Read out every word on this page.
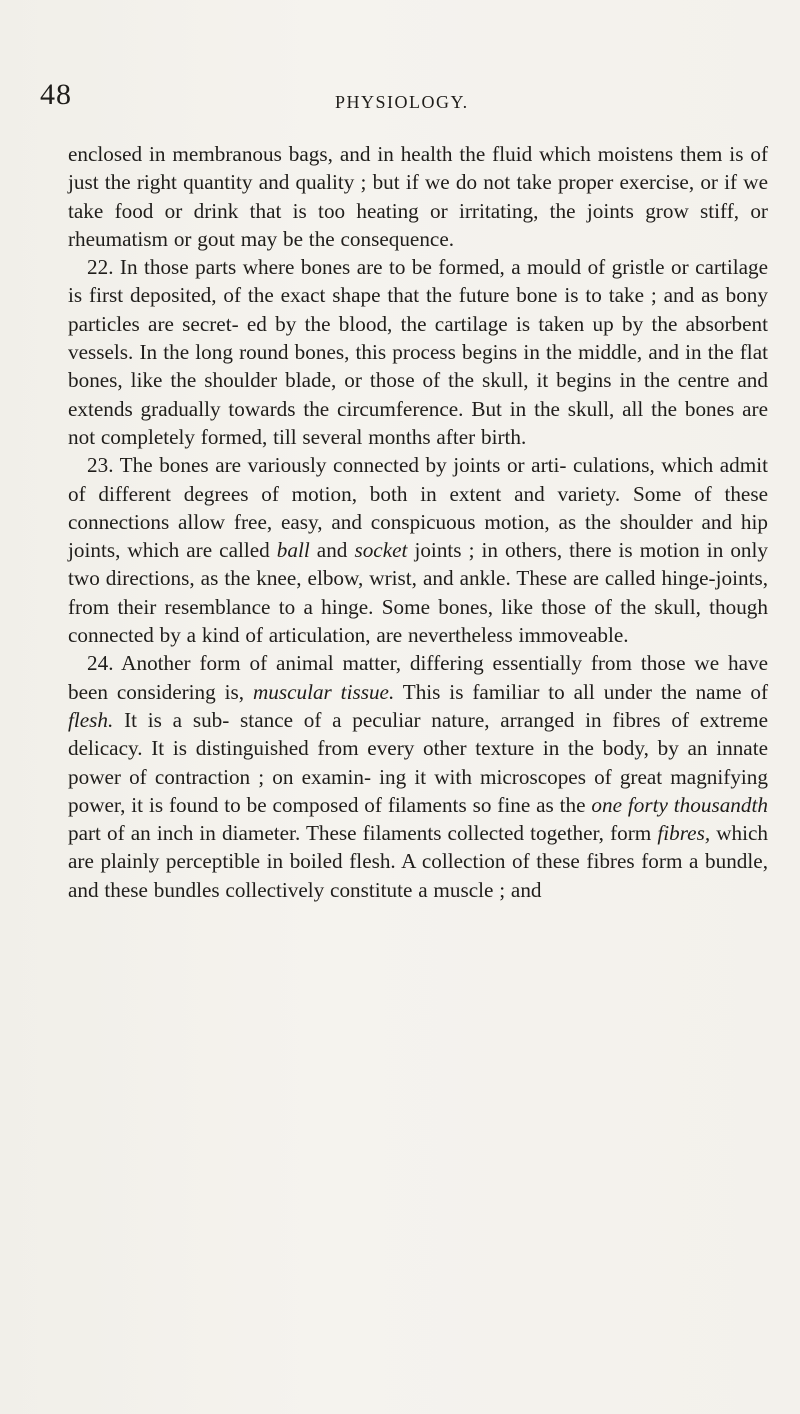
48	PHYSIOLOGY.

enclosed in membranous bags, and in health the fluid which moistens them is of just the right quantity and quality ; but if we do not take proper exercise, or if we take food or drink that is too heating or irritating, the joints grow stiff, or rheumatism or gout may be the consequence.

22. In those parts where bones are to be formed, a mould of gristle or cartilage is first deposited, of the exact shape that the future bone is to take ; and as bony particles are secret- ed by the blood, the cartilage is taken up by the absorbent vessels. In the long round bones, this process begins in the middle, and in the flat bones, like the shoulder blade, or those of the skull, it begins in the centre and extends gradually towards the circumference. But in the skull, all the bones are not completely formed, till several months after birth.

23. The bones are variously connected by joints or arti- culations, which admit of different degrees of motion, both in extent and variety. Some of these connections allow free, easy, and conspicuous motion, as the shoulder and hip joints, which are called ball and socket joints ; in others, there is motion in only two directions, as the knee, elbow, wrist, and ankle. These are called hinge-joints, from their resemblance to a hinge. Some bones, like those of the skull, though connected by a kind of articulation, are nevertheless immoveable.

24. Another form of animal matter, differing essentially from those we have been considering is, muscular tissue. This is familiar to all under the name of flesh. It is a sub- stance of a peculiar nature, arranged in fibres of extreme delicacy. It is distinguished from every other texture in the body, by an innate power of contraction ; on examin- ing it with microscopes of great magnifying power, it is found to be composed of filaments so fine as the one forty thousandth part of an inch in diameter. These filaments collected together, form fibres, which are plainly perceptible in boiled flesh. A collection of these fibres form a bundle, and these bundles collectively constitute a muscle ; and
